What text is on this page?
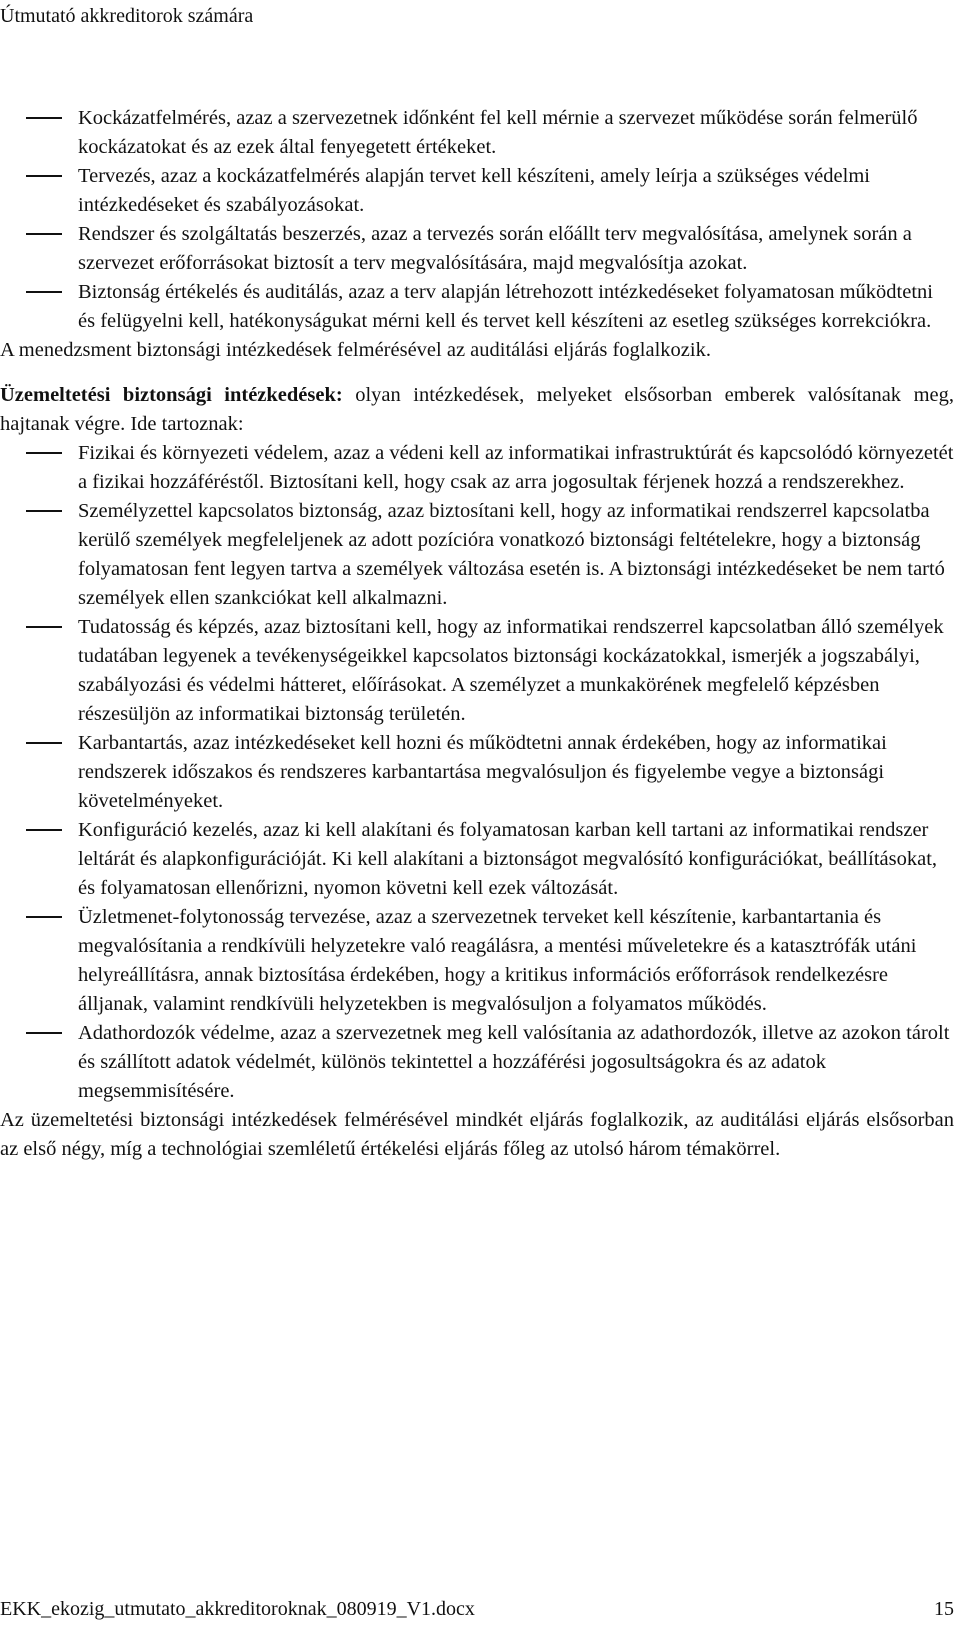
Útmutató akkreditorok számára
Kockázatfelmérés, azaz a szervezetnek időnként fel kell mérnie a szervezet működése során felmerülő kockázatokat és az ezek által fenyegetett értékeket.
Tervezés, azaz a kockázatfelmérés alapján tervet kell készíteni, amely leírja a szükséges védelmi intézkedéseket és szabályozásokat.
Rendszer és szolgáltatás beszerzés, azaz a tervezés során előállt terv megvalósítása, amelynek során a szervezet erőforrásokat biztosít a terv megvalósítására, majd megvalósítja azokat.
Biztonság értékelés és auditálás, azaz a terv alapján létrehozott intézkedéseket folyamatosan működtetni és felügyelni kell, hatékonyságukat mérni kell és tervet kell készíteni az esetleg szükséges korrekciókra.

A menedzsment biztonsági intézkedések felmérésével az auditálási eljárás foglalkozik.

Üzemeltetési biztonsági intézkedések: olyan intézkedések, melyeket elsősorban emberek valósítanak meg, hajtanak végre. Ide tartoznak:

Fizikai és környezeti védelem, azaz a védeni kell az informatikai infrastruktúrát és kapcsolódó környezetét a fizikai hozzáféréstől. Biztosítani kell, hogy csak az arra jogosultak férjenek hozzá a rendszerekhez.
Személyzettel kapcsolatos biztonság, azaz biztosítani kell, hogy az informatikai rendszerrel kapcsolatba kerülő személyek megfeleljenek az adott pozícióra vonatkozó biztonsági feltételekre, hogy a biztonság folyamatosan fent legyen tartva a személyek változása esetén is. A biztonsági intézkedéseket be nem tartó személyek ellen szankciókat kell alkalmazni.
Tudatosság és képzés, azaz biztosítani kell, hogy az informatikai rendszerrel kapcsolatban álló személyek tudatában legyenek a tevékenységeikkel kapcsolatos biztonsági kockázatokkal, ismerjék a jogszabályi, szabályozási és védelmi hátteret, előírásokat. A személyzet a munkakörének megfelelő képzésben részesüljön az informatikai biztonság területén.
Karbantartás, azaz intézkedéseket kell hozni és működtetni annak érdekében, hogy az informatikai rendszerek időszakos és rendszeres karbantartása megvalósuljon és figyelembe vegye a biztonsági követelményeket.
Konfiguráció kezelés, azaz ki kell alakítani és folyamatosan karban kell tartani az informatikai rendszer leltárát és alapkonfigurációját. Ki kell alakítani a biztonságot megvalósító konfigurációkat, beállításokat, és folyamatosan ellenőrizni, nyomon követni kell ezek változását.
Üzletmenet-folytonosság tervezése, azaz a szervezetnek terveket kell készítenie, karbantartania és megvalósítania a rendkívüli helyzetekre való reagálásra, a mentési műveletekre és a katasztrófák utáni helyreállításra, annak biztosítása érdekében, hogy a kritikus információs erőforrások rendelkezésre álljanak, valamint rendkívüli helyzetekben is megvalósuljon a folyamatos működés.
Adathordozók védelme, azaz a szervezetnek meg kell valósítania az adathordozók, illetve az azokon tárolt és szállított adatok védelmét, különös tekintettel a hozzáférési jogosultságokra és az adatok megsemmisítésére.

Az üzemeltetési biztonsági intézkedések felmérésével mindkét eljárás foglalkozik, az auditálási eljárás elsősorban az első négy, míg a technológiai szemléletű értékelési eljárás főleg az utolsó három témakörrel.

EKK_ekozig_utmutato_akkreditoroknak_080919_V1.docx	15
